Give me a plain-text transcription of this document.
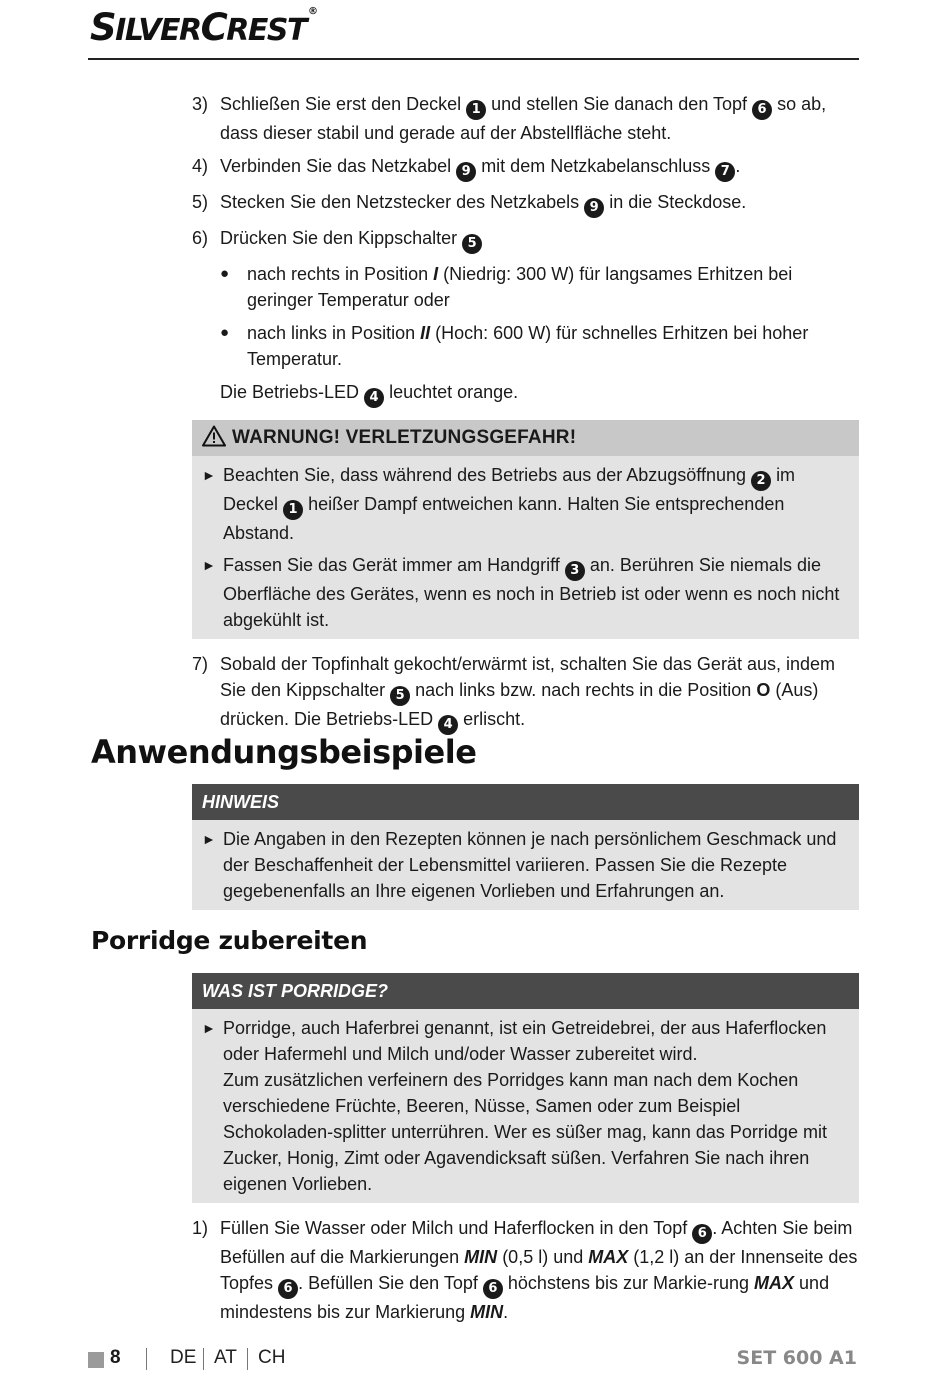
SILVERCREST®
3) Schließen Sie erst den Deckel 1 und stellen Sie danach den Topf 6 so ab, dass dieser stabil und gerade auf der Abstellfläche steht.
4) Verbinden Sie das Netzkabel 9 mit dem Netzkabelanschluss 7 .
5) Stecken Sie den Netzstecker des Netzkabels 9 in die Steckdose.
6) Drücken Sie den Kippschalter 5
● nach rechts in Position I (Niedrig: 300 W) für langsames Erhitzen bei geringer Temperatur oder
● nach links in Position II (Hoch: 600 W) für schnelles Erhitzen bei hoher Temperatur.
Die Betriebs-LED 4 leuchtet orange.
WARNUNG! VERLETZUNGSGEFAHR!
► Beachten Sie, dass während des Betriebs aus der Abzugsöffnung 2 im Deckel 1 heißer Dampf entweichen kann. Halten Sie entsprechenden Abstand.
► Fassen Sie das Gerät immer am Handgriff 3 an. Berühren Sie niemals die Oberfläche des Gerätes, wenn es noch in Betrieb ist oder wenn es noch nicht abgekühlt ist.
7) Sobald der Topfinhalt gekocht/erwärmt ist, schalten Sie das Gerät aus, indem Sie den Kippschalter 5 nach links bzw. nach rechts in die Position O (Aus) drücken. Die Betriebs-LED 4 erlischt.
Anwendungsbeispiele
HINWEIS
► Die Angaben in den Rezepten können je nach persönlichem Geschmack und der Beschaffenheit der Lebensmittel variieren. Passen Sie die Rezepte gegebenenfalls an Ihre eigenen Vorlieben und Erfahrungen an.
Porridge zubereiten
WAS IST PORRIDGE?
► Porridge, auch Haferbrei genannt, ist ein Getreidebrei, der aus Haferflocken oder Hafermehl und Milch und/oder Wasser zubereitet wird.
Zum zusätzlichen verfeinern des Porridges kann man nach dem Kochen verschiedene Früchte, Beeren, Nüsse, Samen oder zum Beispiel Schokoladen-splitter unterrühren. Wer es süßer mag, kann das Porridge mit Zucker, Honig, Zimt oder Agavendicksaft süßen. Verfahren Sie nach ihren eigenen Vorlieben.
1) Füllen Sie Wasser oder Milch und Haferflocken in den Topf 6 . Achten Sie beim Befüllen auf die Markierungen MIN (0,5 l) und MAX (1,2 l) an der Innenseite des Topfes 6 . Befüllen Sie den Topf 6 höchstens bis zur Markie-rung MAX und mindestens bis zur Markierung MIN.
8	DE AT CH	SET 600 A1
